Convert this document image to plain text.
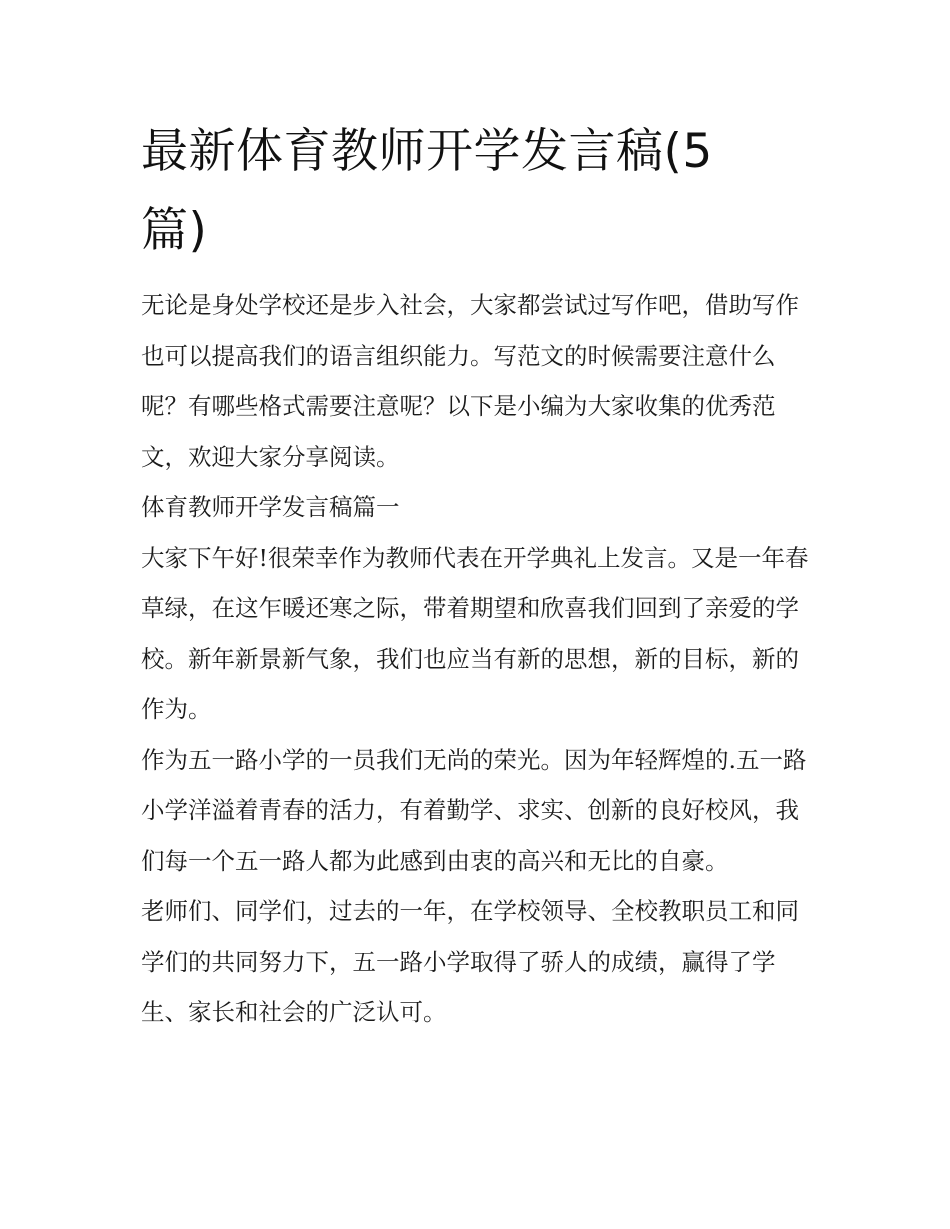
最新体育教师开学发言稿(5篇)

无论是身处学校还是步入社会，大家都尝试过写作吧，借助写作也可以提高我们的语言组织能力。写范文的时候需要注意什么呢？有哪些格式需要注意呢？以下是小编为大家收集的优秀范文，欢迎大家分享阅读。

体育教师开学发言稿篇一

大家下午好!很荣幸作为教师代表在开学典礼上发言。又是一年春草绿，在这乍暖还寒之际，带着期望和欣喜我们回到了亲爱的学校。新年新景新气象，我们也应当有新的思想，新的目标，新的作为。

作为五一路小学的一员我们无尚的荣光。因为年轻辉煌的.五一路小学洋溢着青春的活力，有着勤学、求实、创新的良好校风，我们每一个五一路人都为此感到由衷的高兴和无比的自豪。

老师们、同学们，过去的一年，在学校领导、全校教职员工和同学们的共同努力下，五一路小学取得了骄人的成绩，赢得了学生、家长和社会的广泛认可。
